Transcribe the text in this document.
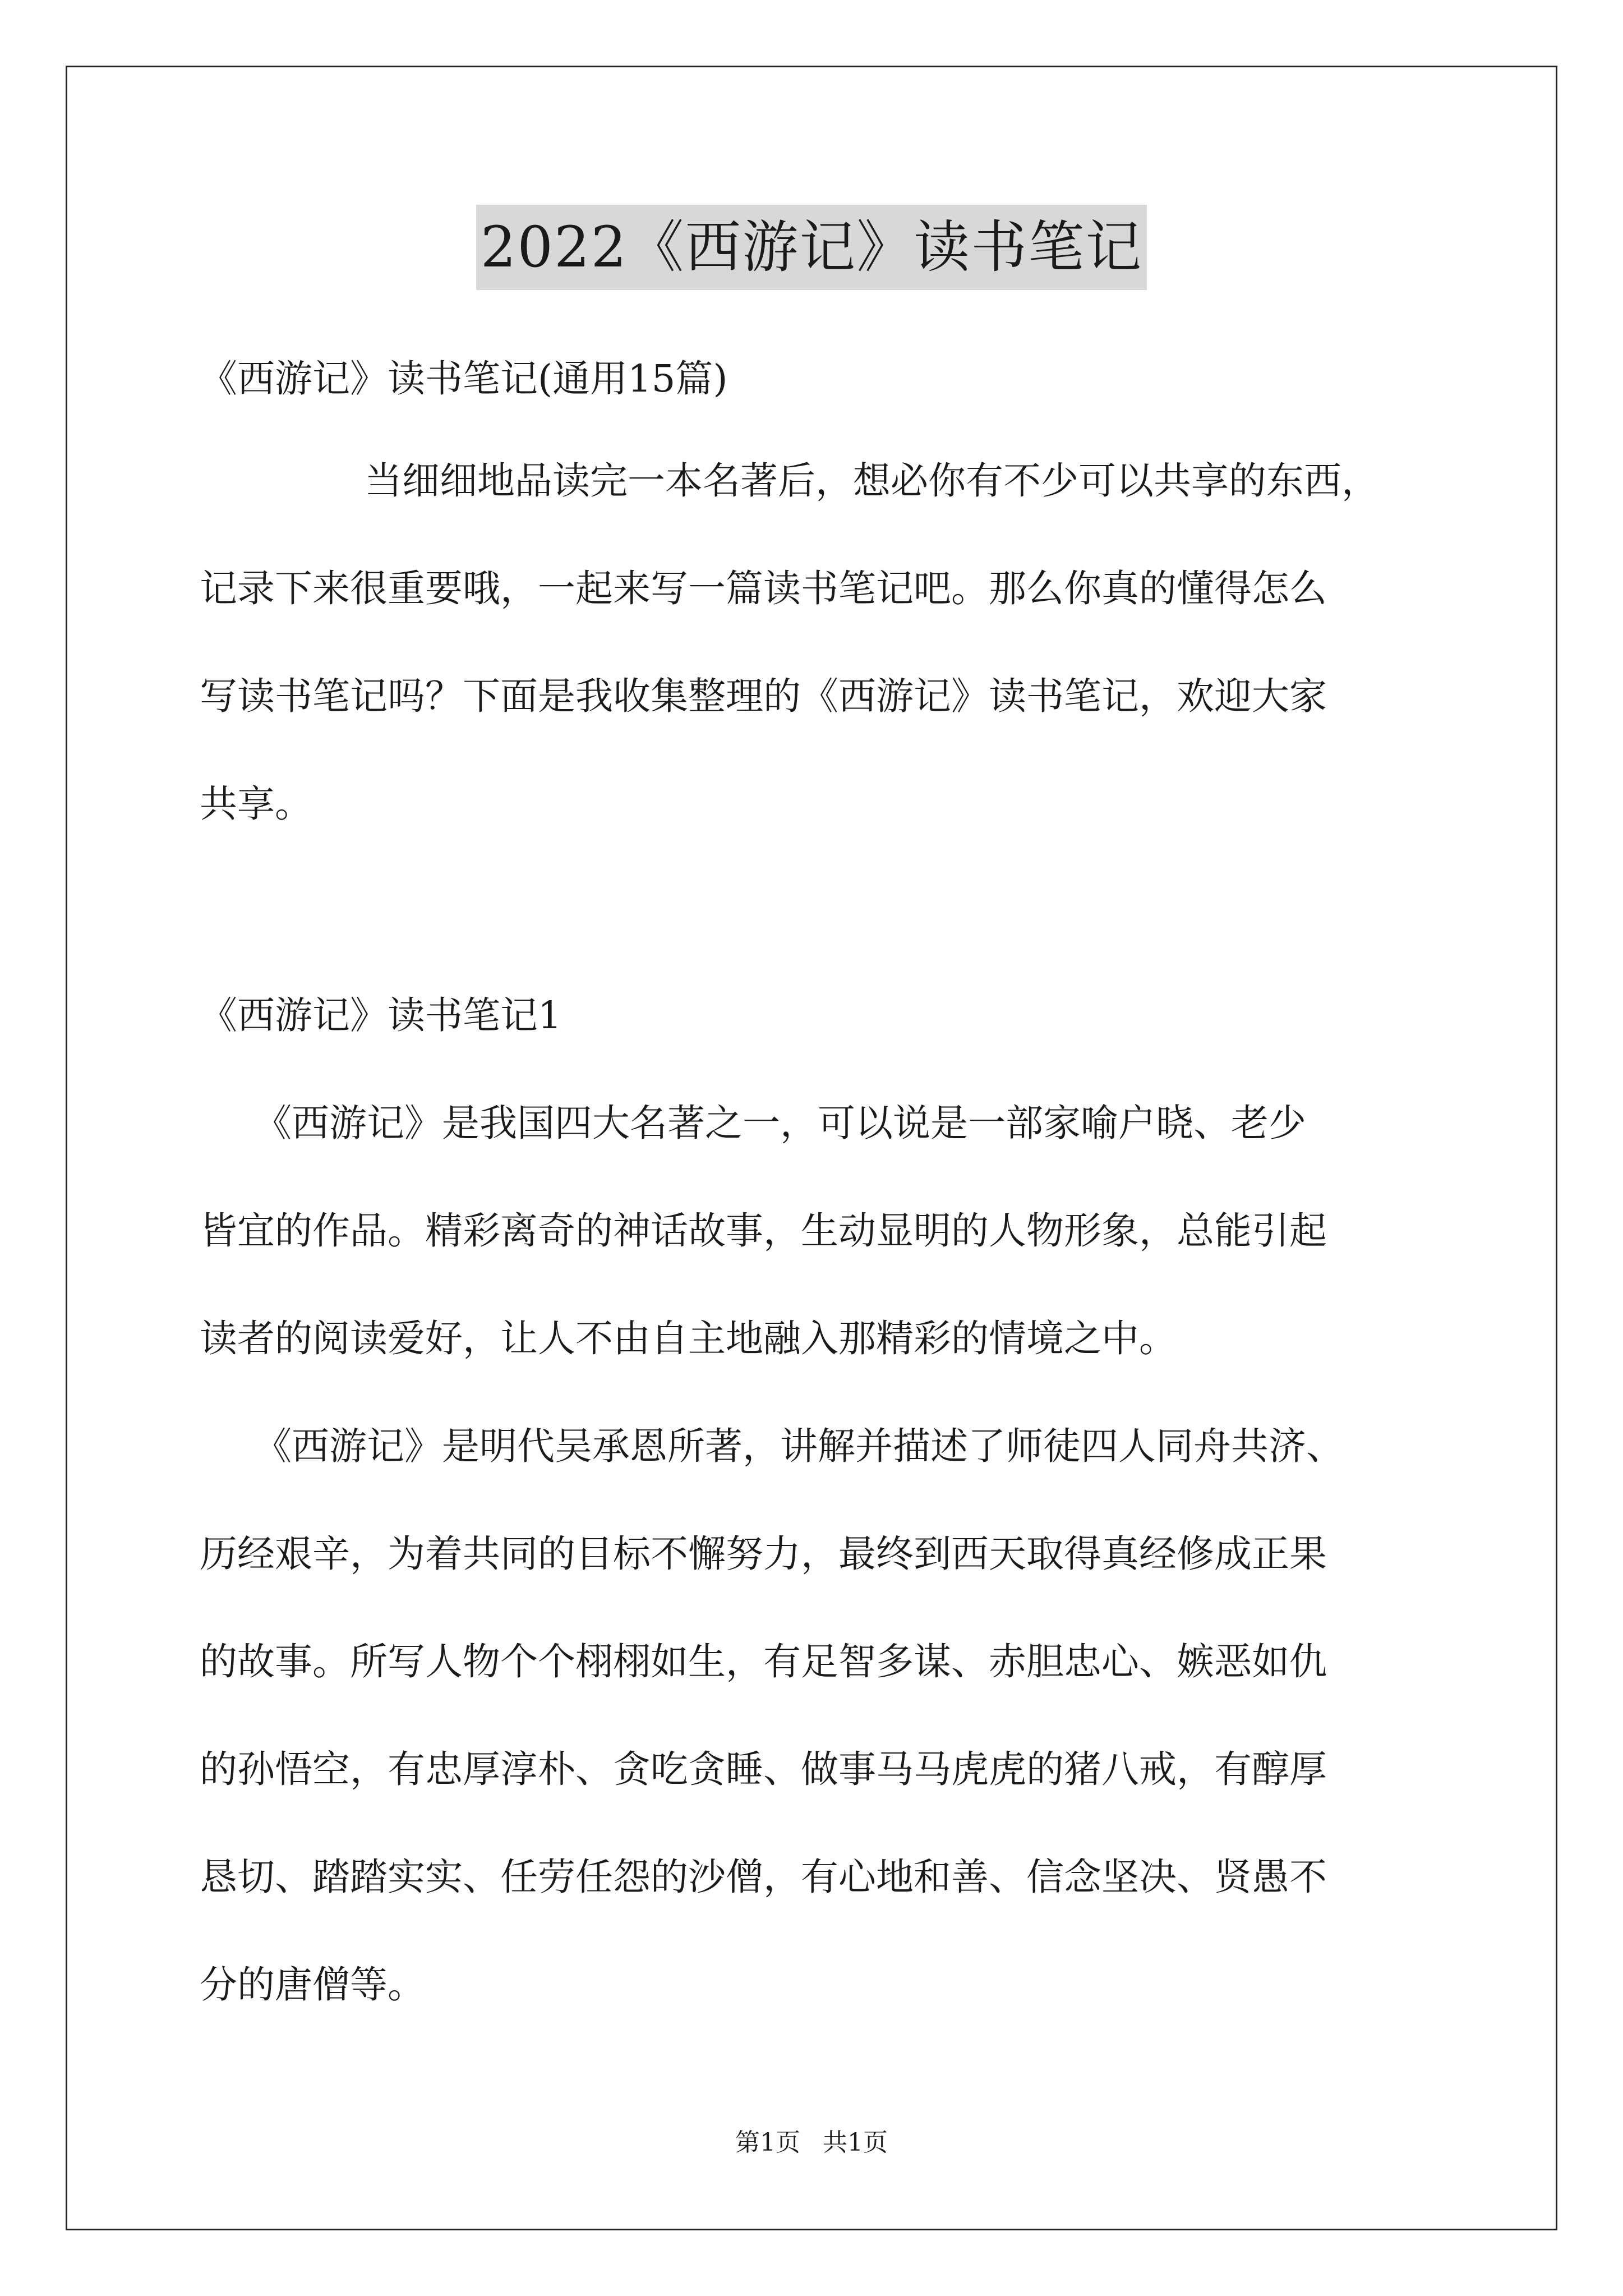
2022《西游记》读书笔记
《西游记》读书笔记(通用15篇)
当细细地品读完一本名著后，想必你有不少可以共享的东西，
记录下来很重要哦，一起来写一篇读书笔记吧。那么你真的懂得怎么
写读书笔记吗？下面是我收集整理的《西游记》读书笔记，欢迎大家
共享。
《西游记》读书笔记1
《西游记》是我国四大名著之一，可以说是一部家喻户晓、老少
皆宜的作品。精彩离奇的神话故事，生动显明的人物形象，总能引起
读者的阅读爱好，让人不由自主地融入那精彩的情境之中。
《西游记》是明代吴承恩所著，讲解并描述了师徒四人同舟共济、
历经艰辛，为着共同的目标不懈努力，最终到西天取得真经修成正果
的故事。所写人物个个栩栩如生，有足智多谋、赤胆忠心、嫉恶如仇
的孙悟空，有忠厚淳朴、贪吃贪睡、做事马马虎虎的猪八戒，有醇厚
恳切、踏踏实实、任劳任怨的沙僧，有心地和善、信念坚决、贤愚不
分的唐僧等。
第1页 共1页
